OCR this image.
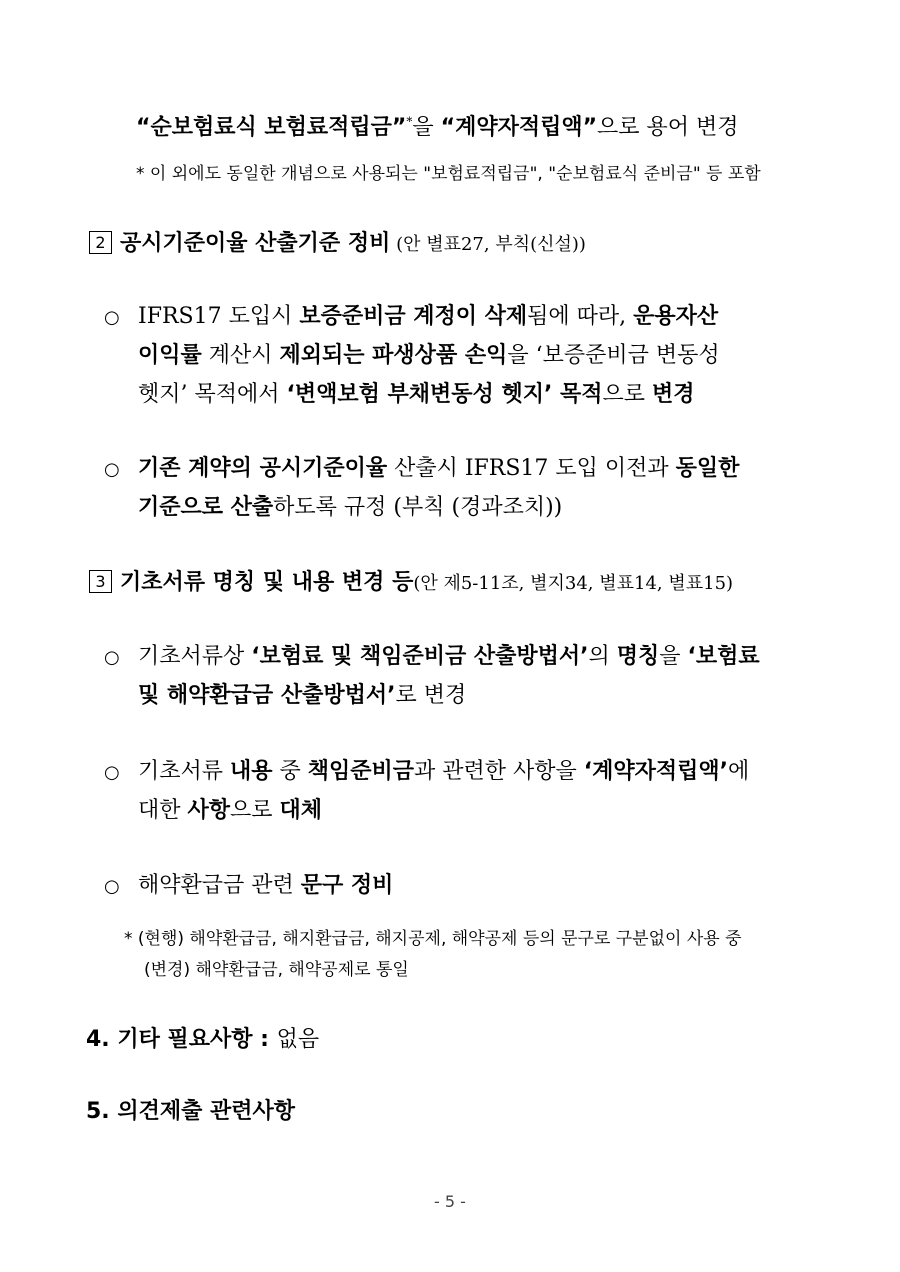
“순보험료식 보험료적립금”*을 “계약자적립액”으로 용어 변경
* 이 외에도 동일한 개념으로 사용되는 "보험료적립금", "순보험료식 준비금" 등 포함
2 공시기준이율 산출기준 정비 (안 별표27, 부칙(신설))
○ IFRS17 도입시 보증준비금 계정이 삭제됨에 따라, 운용자산
이익률 계산시 제외되는 파생상품 손익을 ‘보증준비금 변동성
헷지’ 목적에서 ‘변액보험 부채변동성 헷지’ 목적으로 변경
○ 기존 계약의 공시기준이율 산출시 IFRS17 도입 이전과 동일한
기준으로 산출하도록 규정 (부칙 (경과조치))
3 기초서류 명칭 및 내용 변경 등(안 제5-11조, 별지34, 별표14, 별표15)
○ 기초서류상 ‘보험료 및 책임준비금 산출방법서’의 명칭을 ‘보험료
및 해약환급금 산출방법서’로 변경
○ 기초서류 내용 중 책임준비금과 관련한 사항을 ‘계약자적립액’에
대한 사항으로 대체
○ 해약환급금 관련 문구 정비
* (현행) 해약환급금, 해지환급금, 해지공제, 해약공제 등의 문구로 구분없이 사용 중
(변경) 해약환급금, 해약공제로 통일
4. 기타 필요사항 : 없음
5. 의견제출 관련사항
- 5 -
